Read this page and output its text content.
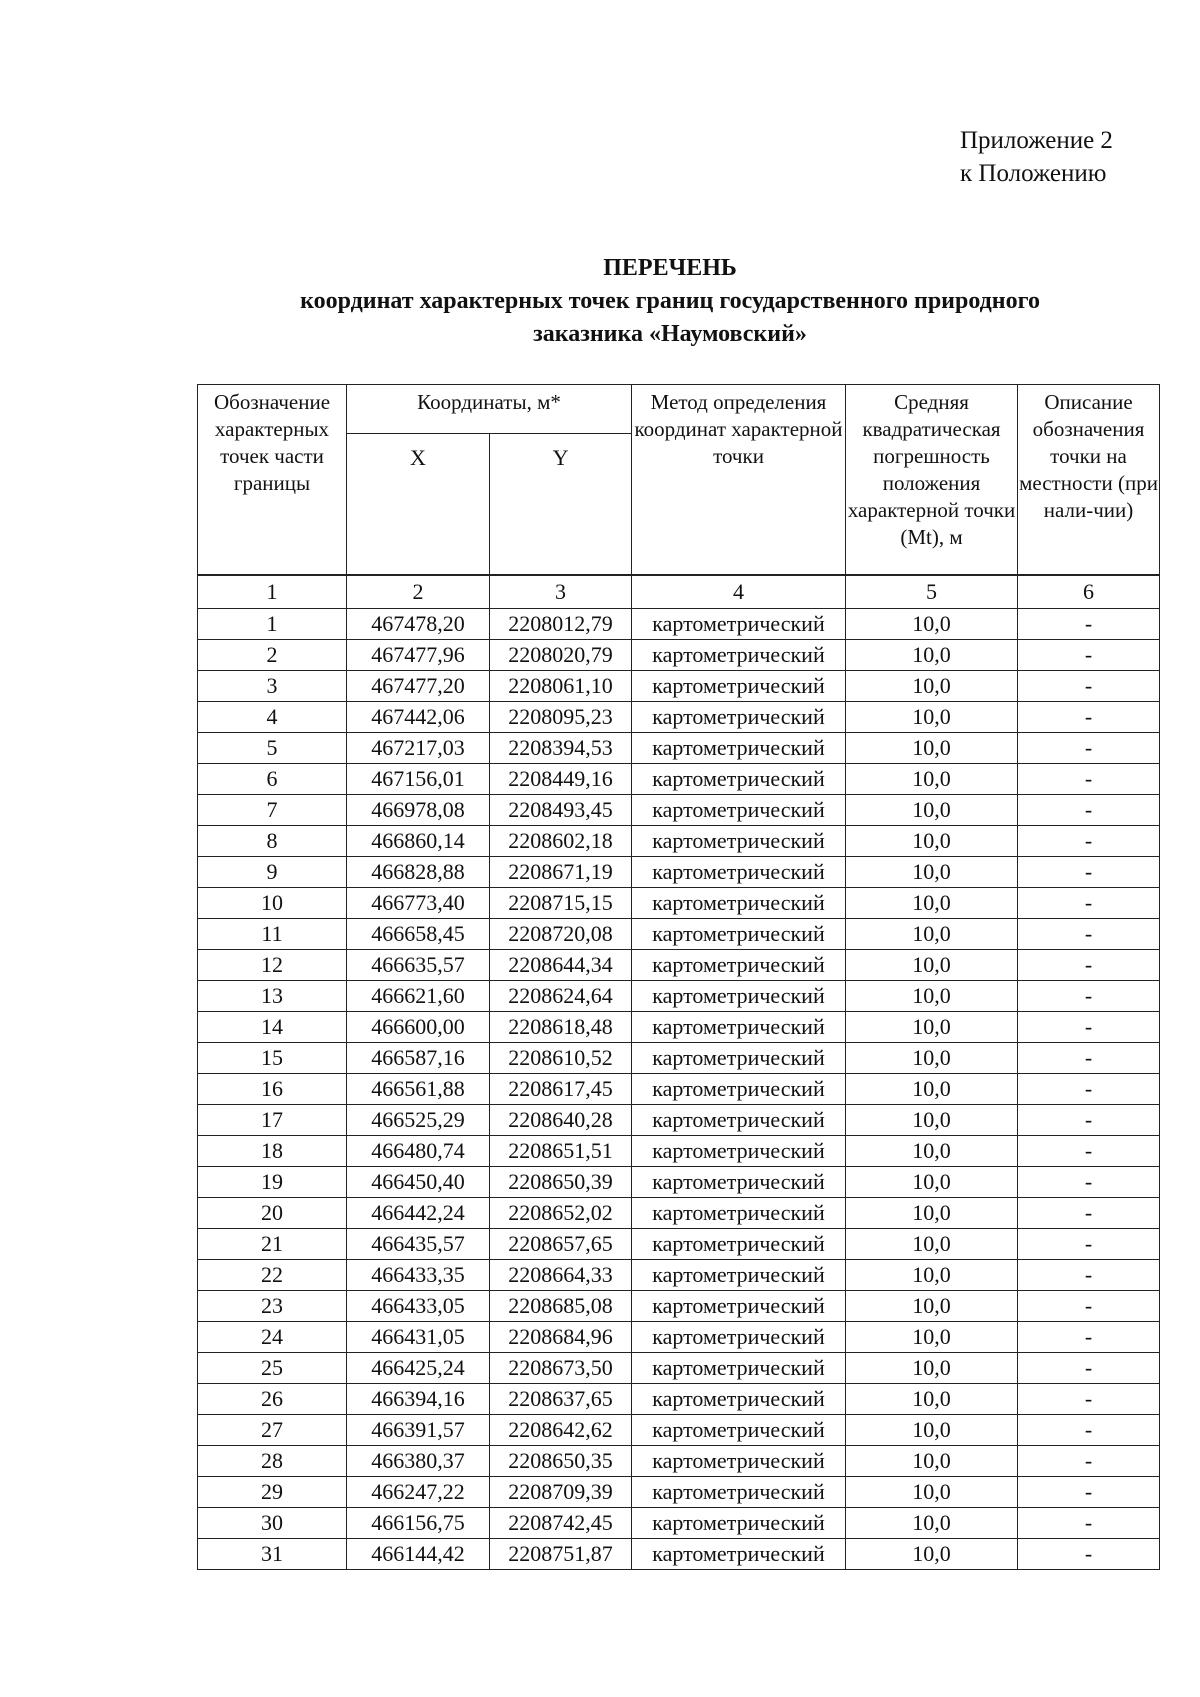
Приложение 2
к Положению
ПЕРЕЧЕНЬ
координат характерных точек границ государственного природного
заказника «Наумовский»
Обозначение характерных точек части границы	Координаты, м*		Метод определения координат характерной точки	Средняя квадратическая погрешность положения характерной точки (Mt), м	Описание обозначения точки на местности (при нали-чии)
	X	Y			
1	2	3	4	5	6
1	467478,20	2208012,79	картометрический	10,0	-
2	467477,96	2208020,79	картометрический	10,0	-
3	467477,20	2208061,10	картометрический	10,0	-
4	467442,06	2208095,23	картометрический	10,0	-
5	467217,03	2208394,53	картометрический	10,0	-
6	467156,01	2208449,16	картометрический	10,0	-
7	466978,08	2208493,45	картометрический	10,0	-
8	466860,14	2208602,18	картометрический	10,0	-
9	466828,88	2208671,19	картометрический	10,0	-
10	466773,40	2208715,15	картометрический	10,0	-
11	466658,45	2208720,08	картометрический	10,0	-
12	466635,57	2208644,34	картометрический	10,0	-
13	466621,60	2208624,64	картометрический	10,0	-
14	466600,00	2208618,48	картометрический	10,0	-
15	466587,16	2208610,52	картометрический	10,0	-
16	466561,88	2208617,45	картометрический	10,0	-
17	466525,29	2208640,28	картометрический	10,0	-
18	466480,74	2208651,51	картометрический	10,0	-
19	466450,40	2208650,39	картометрический	10,0	-
20	466442,24	2208652,02	картометрический	10,0	-
21	466435,57	2208657,65	картометрический	10,0	-
22	466433,35	2208664,33	картометрический	10,0	-
23	466433,05	2208685,08	картометрический	10,0	-
24	466431,05	2208684,96	картометрический	10,0	-
25	466425,24	2208673,50	картометрический	10,0	-
26	466394,16	2208637,65	картометрический	10,0	-
27	466391,57	2208642,62	картометрический	10,0	-
28	466380,37	2208650,35	картометрический	10,0	-
29	466247,22	2208709,39	картометрический	10,0	-
30	466156,75	2208742,45	картометрический	10,0	-
31	466144,42	2208751,87	картометрический	10,0	-
